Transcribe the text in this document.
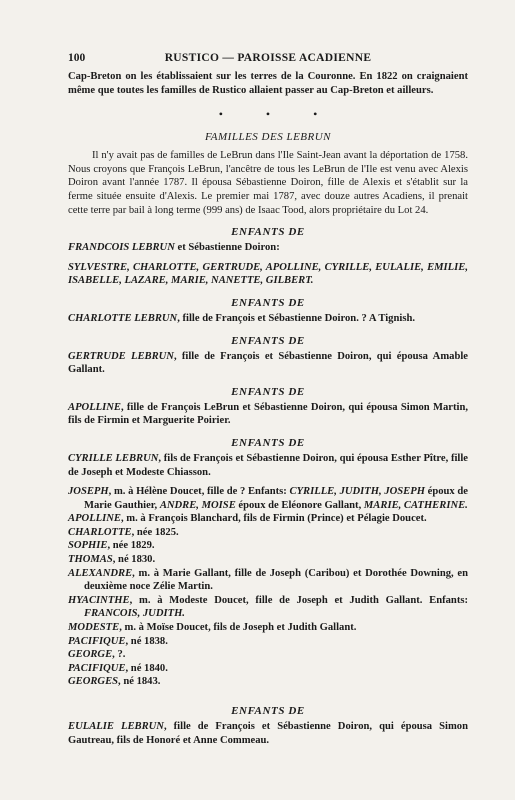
100	RUSTICO — PAROISSE ACADIENNE

Cap-Breton on les établissaient sur les terres de la Couronne. En 1822 on craignaient même que toutes les familles de Rustico allaient passer au Cap-Breton et ailleurs.

• • •
FAMILLES DES LEBRUN

Il n'y avait pas de familles de LeBrun dans l'Ile Saint-Jean avant la déportation de 1758. Nous croyons que François LeBrun, l'ancêtre de tous les LeBrun de l'Ile est venu avec Alexis Doiron avant l'année 1787. Il épousa Sébastienne Doiron, fille de Alexis et s'établit sur la ferme située ensuite d'Alexis. Le premier mai 1787, avec douze autres Acadiens, il prenait cette terre par bail à long terme (999 ans) de Isaac Tood, alors propriétaire du Lot 24.

ENFANTS DE

FRANDCOIS LEBRUN et Sébastienne Doiron:

SYLVESTRE, CHARLOTTE, GERTRUDE, APOLLINE, CYRILLE, EULALIE, EMILIE, ISABELLE, LAZARE, MARIE, NANETTE, GILBERT.

ENFANTS DE

CHARLOTTE LEBRUN, fille de François et Sébastienne Doiron. ? A Tignish.

ENFANTS DE

GERTRUDE LEBRUN, fille de François et Sébastienne Doiron, qui épousa Amable Gallant.

ENFANTS DE

APOLLINE, fille de François LeBrun et Sébastienne Doiron, qui épousa Simon Martin, fils de Firmin et Marguerite Poirier.

ENFANTS DE

CYRILLE LEBRUN, fils de François et Sébastienne Doiron, qui épousa Esther Pître, fille de Joseph et Modeste Chiasson.

JOSEPH, m. à Hélène Doucet, fille de ? Enfants: CYRILLE, JUDITH, JOSEPH époux de Marie Gauthier, ANDRE, MOISE époux de Eléonore Gallant, MARIE, CATHERINE.

APOLLINE, m. à François Blanchard, fils de Firmin (Prince) et Pélagie Doucet.

CHARLOTTE, née 1825.

SOPHIE, née 1829.

THOMAS, né 1830.

ALEXANDRE, m. à Marie Gallant, fille de Joseph (Caribou) et Dorothée Downing, en deuxième noce Zélie Martin.

HYACINTHE, m. à Modeste Doucet, fille de Joseph et Judith Gallant. Enfants: FRANCOIS, JUDITH.

MODESTE, m. à Moïse Doucet, fils de Joseph et Judith Gallant.

PACIFIQUE, né 1838.

GEORGE, ?.

PACIFIQUE, né 1840.

GEORGES, né 1843.

ENFANTS DE

EULALIE LEBRUN, fille de François et Sébastienne Doiron, qui épousa Simon Gautreau, fils de Honoré et Anne Commeau.
